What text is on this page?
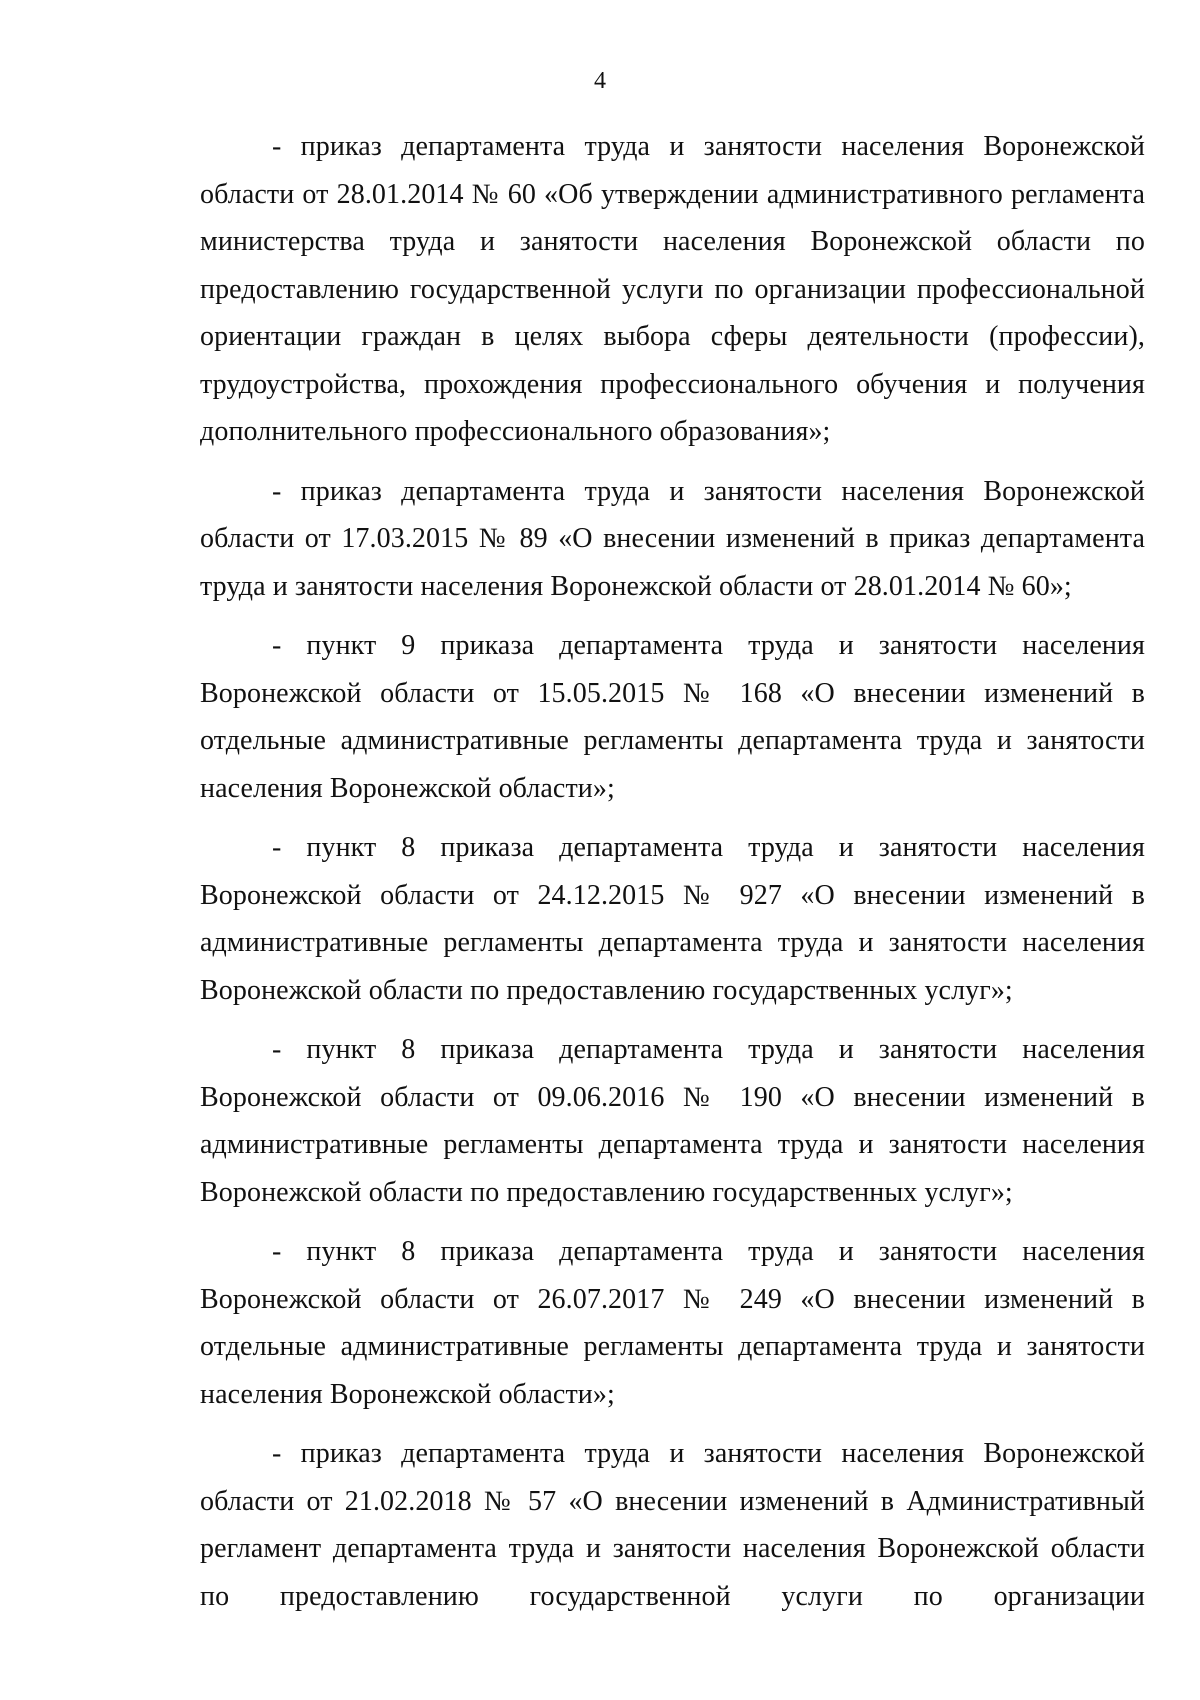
4

- приказ департамента труда и занятости населения Воронежской области от 28.01.2014 № 60 «Об утверждении административного регламента министерства труда и занятости населения Воронежской области по предоставлению государственной услуги по организации профессиональной ориентации граждан в целях выбора сферы деятельности (профессии), трудоустройства, прохождения профессионального обучения и получения дополнительного профессионального образования»;

- приказ департамента труда и занятости населения Воронежской области от 17.03.2015 № 89 «О внесении изменений в приказ департамента труда и занятости населения Воронежской области от 28.01.2014 № 60»;

- пункт 9 приказа департамента труда и занятости населения Воронежской области от 15.05.2015 № 168 «О внесении изменений в отдельные административные регламенты департамента труда и занятости населения Воронежской области»;

- пункт 8 приказа департамента труда и занятости населения Воронежской области от 24.12.2015 № 927 «О внесении изменений в административные регламенты департамента труда и занятости населения Воронежской области по предоставлению государственных услуг»;

- пункт 8 приказа департамента труда и занятости населения Воронежской области от 09.06.2016 № 190 «О внесении изменений в административные регламенты департамента труда и занятости населения Воронежской области по предоставлению государственных услуг»;

- пункт 8 приказа департамента труда и занятости населения Воронежской области от 26.07.2017 № 249 «О внесении изменений в отдельные административные регламенты департамента труда и занятости населения Воронежской области»;

- приказ департамента труда и занятости населения Воронежской области от 21.02.2018 № 57 «О внесении изменений в Административный регламент департамента труда и занятости населения Воронежской области по предоставлению государственной услуги по организации
